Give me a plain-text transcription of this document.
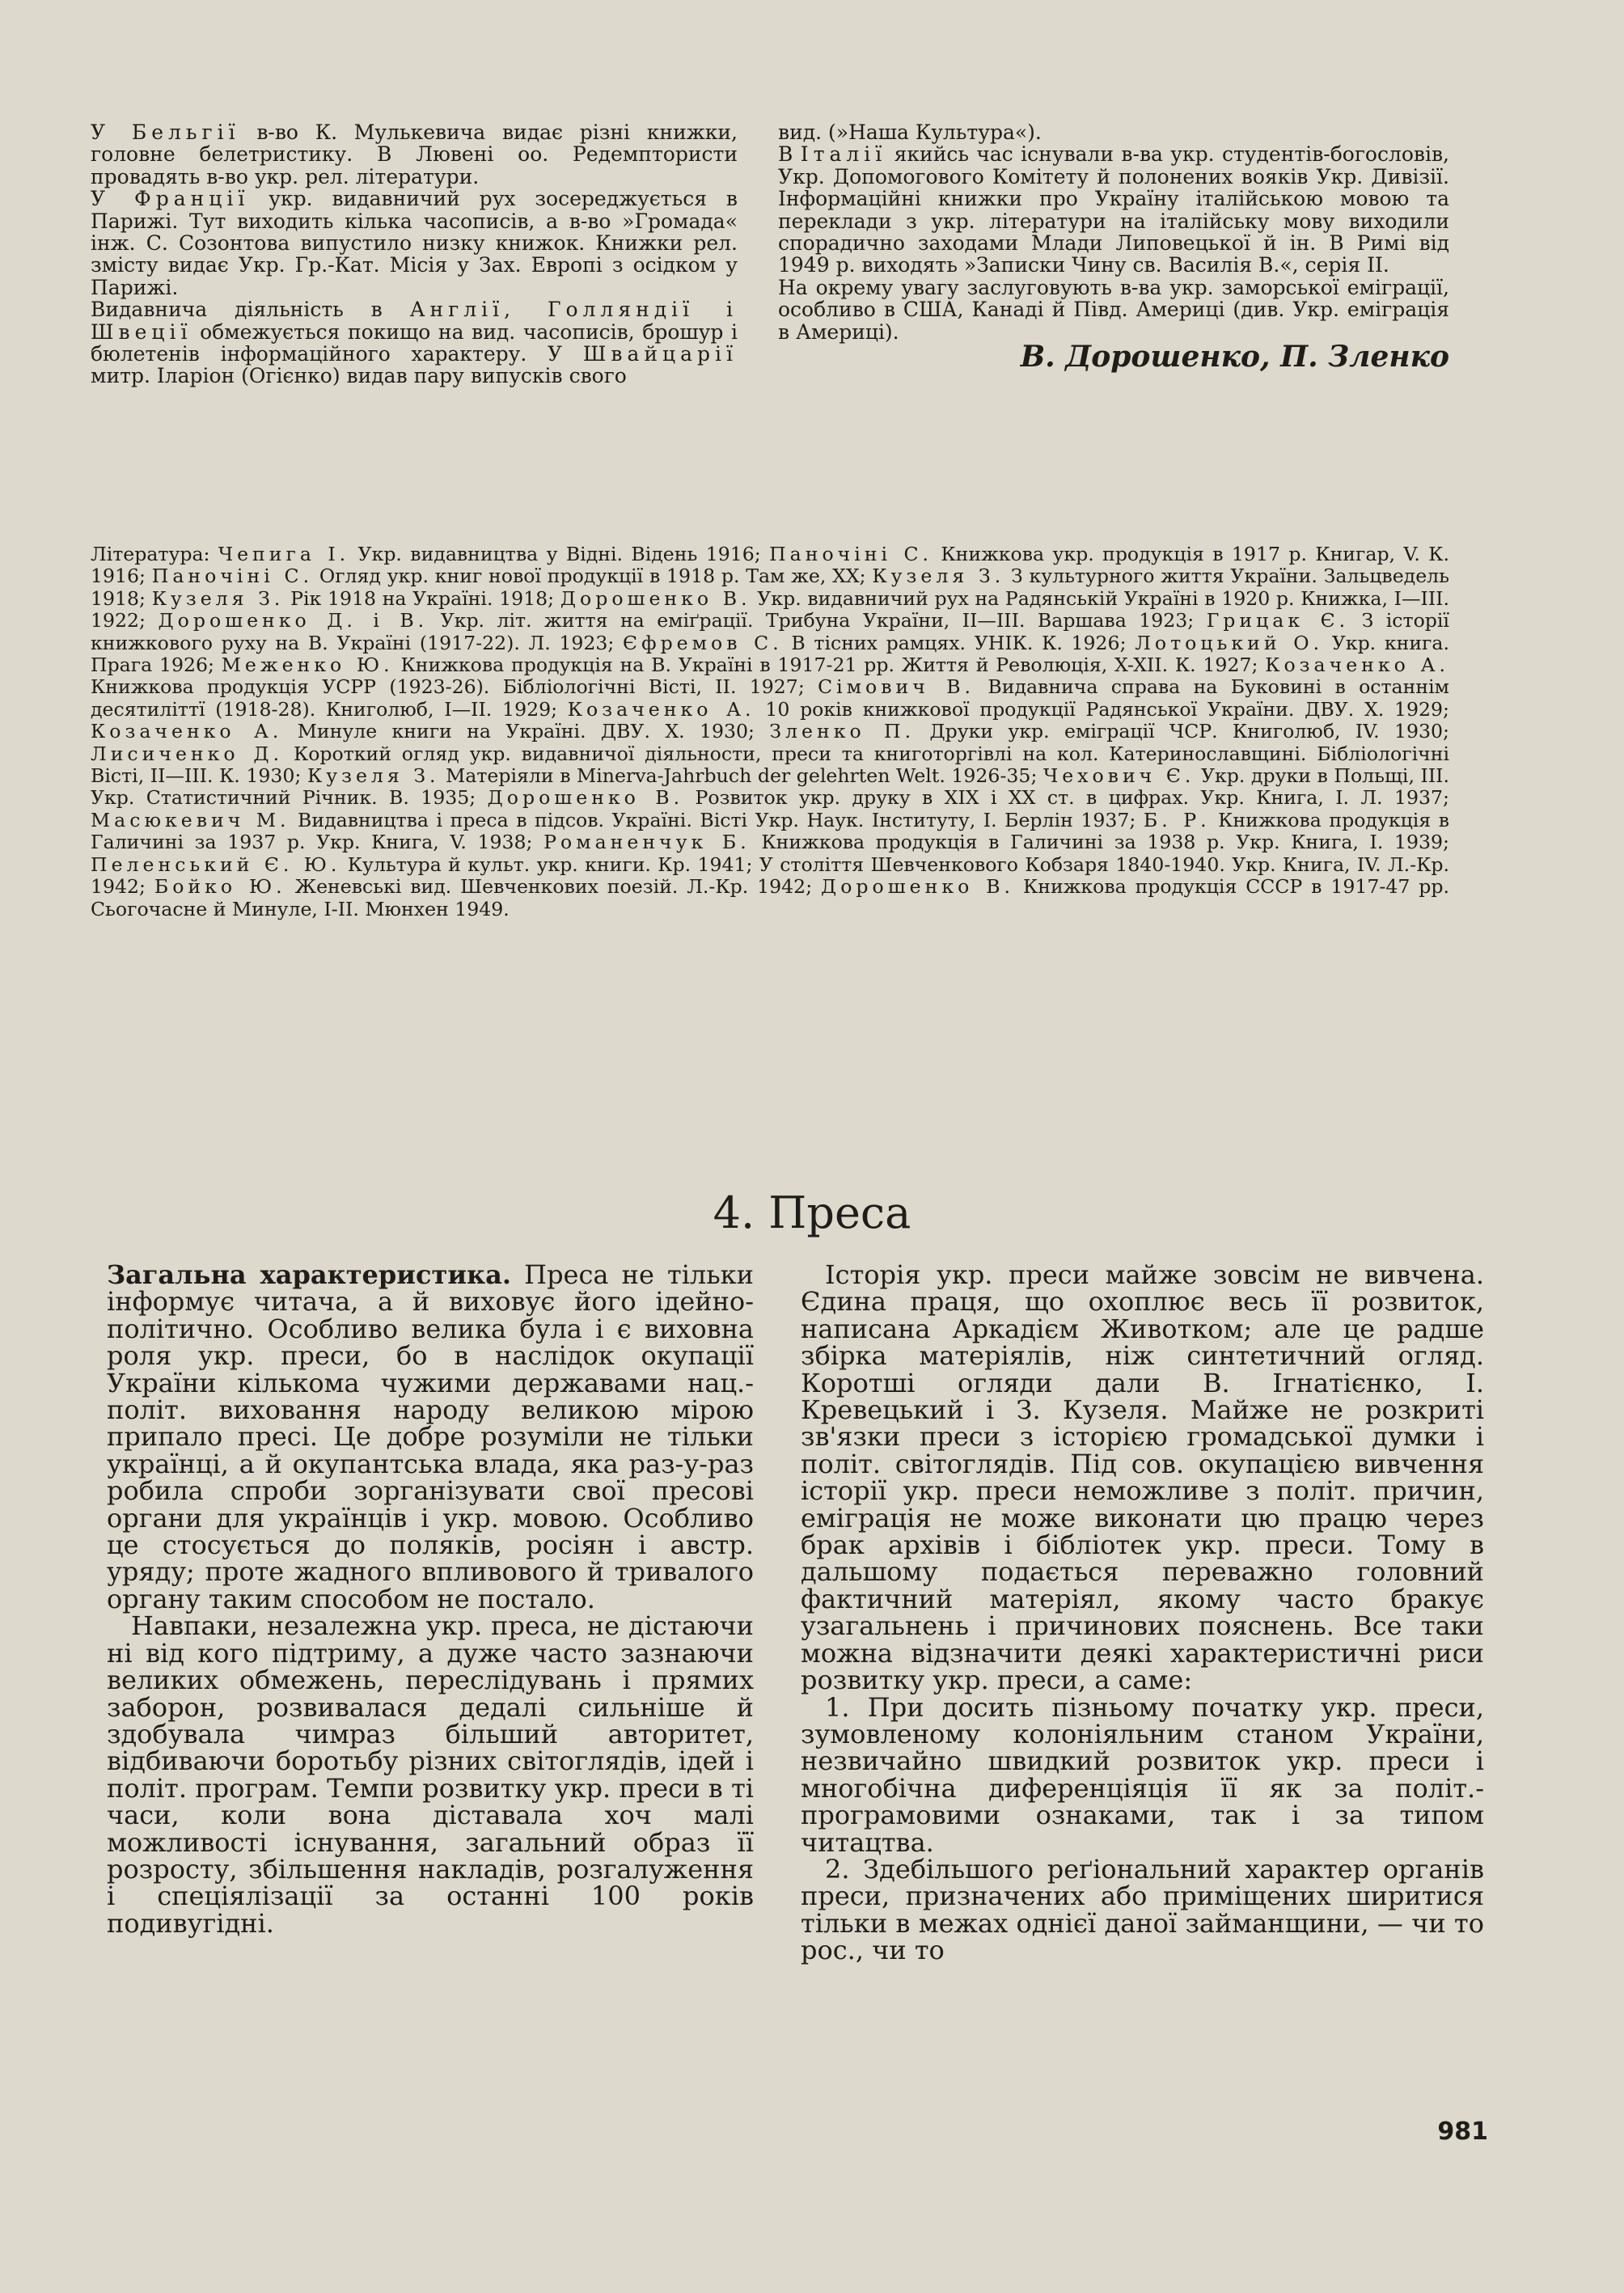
У Бельгії в-во К. Мулькевича видає різні книжки, головне белетристику. В Лювені оо. Редемптористи провадять в-во укр. рел. літератури.

У Франції укр. видавничий рух зосереджується в Парижі. Тут виходить кілька часописів, а в-во »Громада« інж. С. Созонтова випустило низку книжок. Книжки рел. змісту видає Укр. Гр.-Кат. Місія у Зах. Европі з осідком у Парижі.

Видавнича діяльність в Англії, Голляндії і Швеції обмежується покищо на вид. часописів, брошур і бюлетенів інформаційного характеру. У Швайцарії митр. Іларіон (Огієнко) видав пару випусків свого

вид. (»Наша Культура«).

В Італії якийсь час існували в-ва укр. студентів-богословів, Укр. Допомогового Комітету й полонених вояків Укр. Дивізії. Інформаційні книжки про Україну італійською мовою та переклади з укр. літератури на італійську мову виходили спорадично заходами Млади Липовецької й ін. В Римі від 1949 р. виходять »Записки Чину св. Василія В.«, серія II.

На окрему увагу заслуговують в-ва укр. заморської еміграції, особливо в США, Канаді й Півд. Америці (див. Укр. еміграція в Америці).

В. Дорошенко, П. Зленко

Література: Чепига І. Укр. видавництва у Відні. Відень 1916; Паночіні С. Книжкова укр. продукція в 1917 р. Книгар, V. К. 1916; Паночіні С. Огляд укр. книг нової продукції в 1918 р. Там же, XX; Кузеля З. З культурного життя України. Зальцведель 1918; Кузеля З. Рік 1918 на Україні. 1918; Дорошенко В. Укр. видавничий рух на Радянській Україні в 1920 р. Книжка, І—III. 1922; Дорошенко Д. і В. Укр. літ. життя на еміґрації. Трибуна України, II—III. Варшава 1923; Грицак Є. З історії книжкового руху на В. Україні (1917-22). Л. 1923; Єфремов С. В тісних рамцях. УНІК. К. 1926; Лотоцький О. Укр. книга. Прага 1926; Меженко Ю. Книжкова продукція на В. Україні в 1917-21 рр. Життя й Революція, X-XII. К. 1927; Козаченко А. Книжкова продукція УСРР (1923-26). Бібліологічні Вісті, II. 1927; Сімович В. Видавнича справа на Буковині в останнім десятиліттї (1918-28). Книголюб, I—II. 1929; Козаченко А. 10 років книжкової продукції Радянської України. ДВУ. X. 1929; Козаченко А. Минуле книги на Україні. ДВУ. X. 1930; Зленко П. Друки укр. еміграції ЧСР. Книголюб, IV. 1930; Лисиченко Д. Короткий огляд укр. видавничої діяльности, преси та книготоргівлі на кол. Катеринославщині. Бібліологічні Вісті, II—III. К. 1930; Кузеля З. Матеріяли в Minerva-Jahrbuch der gelehrten Welt. 1926-35; Чехович Є. Укр. друки в Польщі, III. Укр. Статистичний Річник. В. 1935; Дорошенко В. Розвиток укр. друку в XIX і XX ст. в цифрах. Укр. Книга, I. Л. 1937; Масюкевич М. Видавництва і преса в підсов. Україні. Вісті Укр. Наук. Інституту, I. Берлін 1937; Б. Р. Книжкова продукція в Галичині за 1937 р. Укр. Книга, V. 1938; Романенчук Б. Книжкова продукція в Галичині за 1938 р. Укр. Книга, I. 1939; Пеленський Є. Ю. Культура й культ. укр. книги. Кр. 1941; У століття Шевченкового Кобзаря 1840-1940. Укр. Книга, IV. Л.-Кр. 1942; Бойко Ю. Женевські вид. Шевченкових поезій. Л.-Кр. 1942; Дорошенко В. Книжкова продукція СССР в 1917-47 рр. Сьогочасне й Минуле, I-II. Мюнхен 1949.
4. Преса

Загальна характеристика. Преса не тільки інформує читача, а й виховує його ідейно-політично. Особливо велика була і є виховна роля укр. преси, бо в наслідок окупації України кількома чужими державами нац.-політ. виховання народу великою мірою припало пресі. Це добре розуміли не тільки українці, а й окупантська влада, яка раз-у-раз робила спроби зорганізувати свої пресові органи для українців і укр. мовою. Особливо це стосується до поляків, росіян і австр. уряду; проте жадного впливового й тривалого органу таким способом не постало.

Навпаки, незалежна укр. преса, не дістаючи ні від кого підтриму, а дуже часто зазнаючи великих обмежень, переслідувань і прямих заборон, розвивалася дедалі сильніше й здобувала чимраз більший авторитет, відбиваючи боротьбу різних світоглядів, ідей і політ. програм. Темпи розвитку укр. преси в ті часи, коли вона діставала хоч малі можливості існування, загальний образ її розросту, збільшення накладів, розгалуження і спеціялізації за останні 100 років подивугідні.

Історія укр. преси майже зовсім не вивчена. Єдина праця, що охоплює весь її розвиток, написана Аркадієм Животком; але це радше збірка матеріялів, ніж синтетичний огляд. Коротші огляди дали В. Ігнатієнко, І. Кревецький і З. Кузеля. Майже не розкриті зв'язки преси з історією громадської думки і політ. світоглядів. Під сов. окупацією вивчення історії укр. преси неможливе з політ. причин, еміграція не може виконати цю працю через брак архівів і бібліотек укр. преси. Тому в дальшому подається переважно головний фактичний матеріял, якому часто бракує узагальнень і причинових пояснень. Все таки можна відзначити деякі характеристичні риси розвитку укр. преси, а саме:

1. При досить пізньому початку укр. преси, зумовленому колоніяльним станом України, незвичайно швидкий розвиток укр. преси і многобічна диференціяція її як за політ.-програмовими ознаками, так і за типом читацтва.

2. Здебільшого реґіональний характер органів преси, призначених або приміщених ширитися тільки в межах однієї даної займанщини, — чи то рос., чи то

981
